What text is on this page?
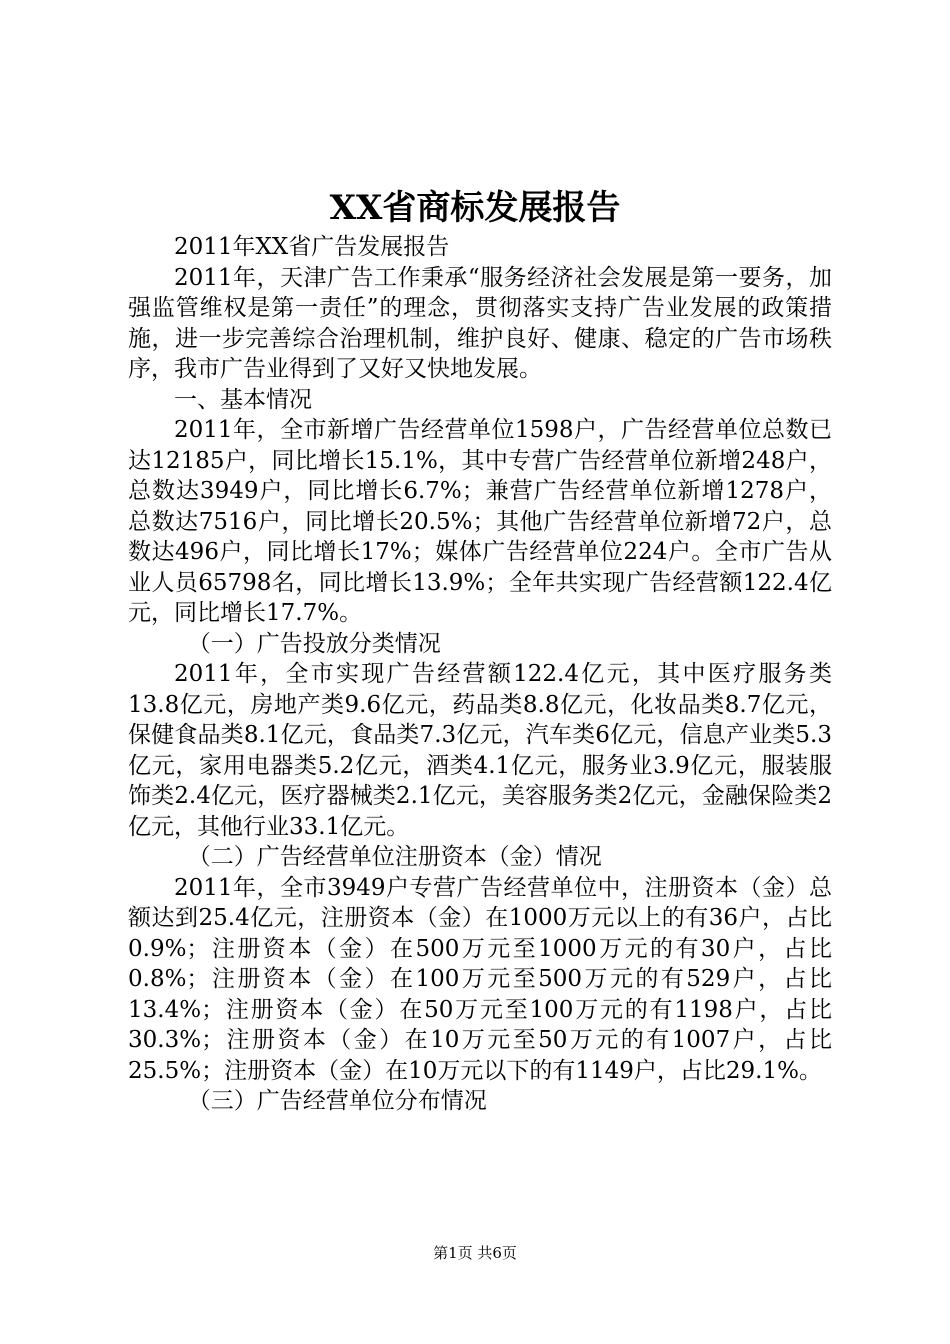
XX省商标发展报告

2011年XX省广告发展报告

2011年，天津广告工作秉承“服务经济社会发展是第一要务，加强监管维权是第一责任”的理念，贯彻落实支持广告业发展的政策措施，进一步完善综合治理机制，维护良好、健康、稳定的广告市场秩序，我市广告业得到了又好又快地发展。

一、基本情况

2011年，全市新增广告经营单位1598户，广告经营单位总数已达12185户，同比增长15.1%，其中专营广告经营单位新增248户，总数达3949户，同比增长6.7%；兼营广告经营单位新增1278户，总数达7516户，同比增长20.5%；其他广告经营单位新增72户，总数达496户，同比增长17%；媒体广告经营单位224户。全市广告从业人员65798名，同比增长13.9%；全年共实现广告经营额122.4亿元，同比增长17.7%。

（一）广告投放分类情况

2011年，全市实现广告经营额122.4亿元，其中医疗服务类13.8亿元，房地产类9.6亿元，药品类8.8亿元，化妆品类8.7亿元，保健食品类8.1亿元，食品类7.3亿元，汽车类6亿元，信息产业类5.3亿元，家用电器类5.2亿元，酒类4.1亿元，服务业3.9亿元，服装服饰类2.4亿元，医疗器械类2.1亿元，美容服务类2亿元，金融保险类2亿元，其他行业33.1亿元。

（二）广告经营单位注册资本（金）情况

2011年，全市3949户专营广告经营单位中，注册资本（金）总额达到25.4亿元，注册资本（金）在1000万元以上的有36户，占比0.9%；注册资本（金）在500万元至1000万元的有30户，占比0.8%；注册资本（金）在100万元至500万元的有529户，占比13.4%；注册资本（金）在50万元至100万元的有1198户，占比30.3%；注册资本（金）在10万元至50万元的有1007户，占比25.5%；注册资本（金）在10万元以下的有1149户，占比29.1%。

（三）广告经营单位分布情况

第1页 共6页
